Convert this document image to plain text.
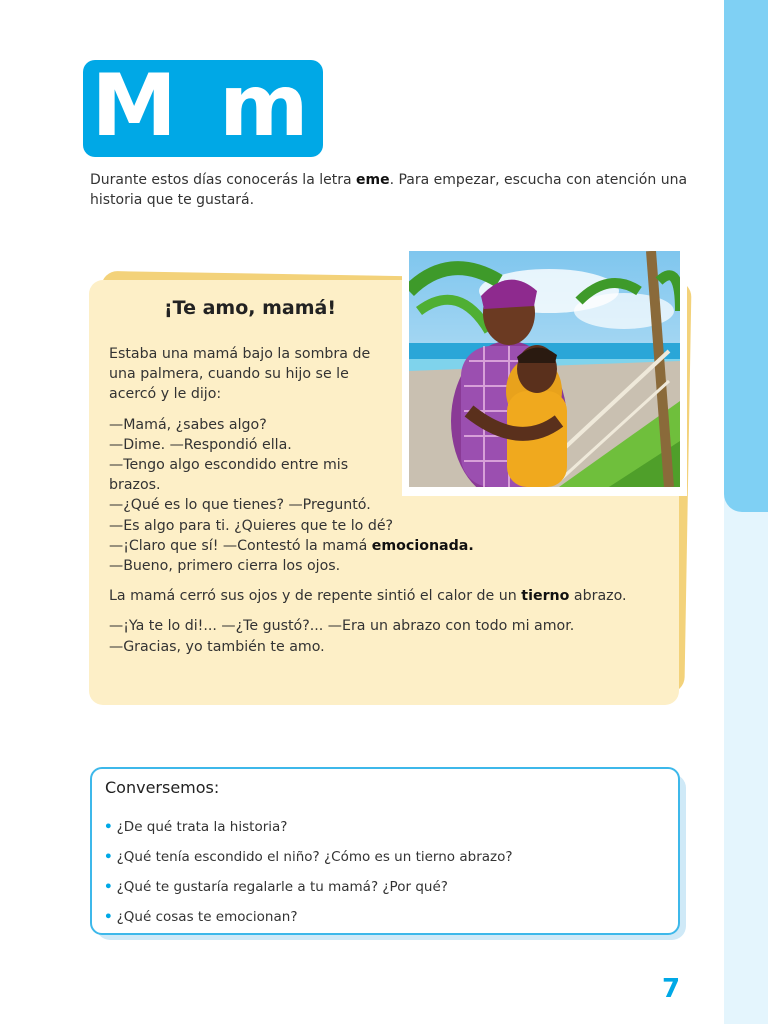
M m
Durante estos días conocerás la letra eme. Para empezar, escucha con atención una historia que te gustará.
¡Te amo, mamá!

Estaba una mamá bajo la sombra de una palmera, cuando su hijo se le acercó y le dijo:

—Mamá, ¿sabes algo?
—Dime. —Respondió ella.
—Tengo algo escondido entre mis brazos.
—¿Qué es lo que tienes? —Preguntó.
—Es algo para ti. ¿Quieres que te lo dé?
—¡Claro que sí! —Contestó la mamá emocionada.
—Bueno, primero cierra los ojos.

La mamá cerró sus ojos y de repente sintió el calor de un tierno abrazo.

—¡Ya te lo di!... —¿Te gustó?... —Era un abrazo con todo mi amor.
—Gracias, yo también te amo.

Conversemos:
• ¿De qué trata la historia?
• ¿Qué tenía escondido el niño? ¿Cómo es un tierno abrazo?
• ¿Qué te gustaría regalarle a tu mamá? ¿Por qué?
• ¿Qué cosas te emocionan?
7
